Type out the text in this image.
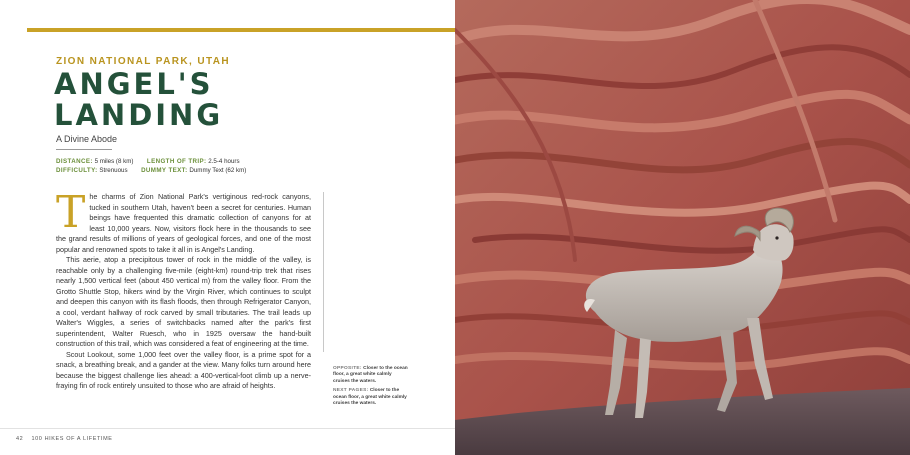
ZION NATIONAL PARK, UTAH
ANGEL'S
LANDING
A Divine Abode
DISTANCE: 5 miles (8 km) LENGTH OF TRIP: 2.5-4 hours
DIFFICULTY: Strenuous DUMMY TEXT: Dummy Text (62 km)

The charms of Zion National Park's vertiginous red-rock canyons, tucked in southern Utah, haven't been a secret for centuries. Human beings have frequented this dramatic collection of canyons for at least 10,000 years. Now, visitors flock here in the thousands to see the grand results of millions of years of geological forces, and one of the most popular and renowned spots to take it all in is Angel's Landing.

This aerie, atop a precipitous tower of rock in the middle of the valley, is reachable only by a challenging five-mile (eight-km) round-trip trek that rises nearly 1,500 vertical feet (about 450 vertical m) from the valley floor. From the Grotto Shuttle Stop, hikers wind by the Virgin River, which continues to sculpt and deepen this canyon with its flash floods, then through Refrigerator Canyon, a cool, verdant hallway of rock carved by small tributaries. The trail leads up Walter's Wiggles, a series of switchbacks named after the park's first superintendent, Walter Ruesch, who in 1925 oversaw the hand-built construction of this trail, which was considered a feat of engineering at the time.

Scout Lookout, some 1,000 feet over the valley floor, is a prime spot for a snack, a breathing break, and a gander at the view. Many folks turn around here because the biggest challenge lies ahead: a 400-vertical-foot climb up a nerve-fraying fin of rock entirely unsuited to those who are afraid of heights.

OPPOSITE: Closer to the ocean floor, a great white calmly cruises the waters.
NEXT PAGES: Closer to the ocean floor, a great white calmly cruises the waters.
42 100 HIKES OF A LIFETIME
